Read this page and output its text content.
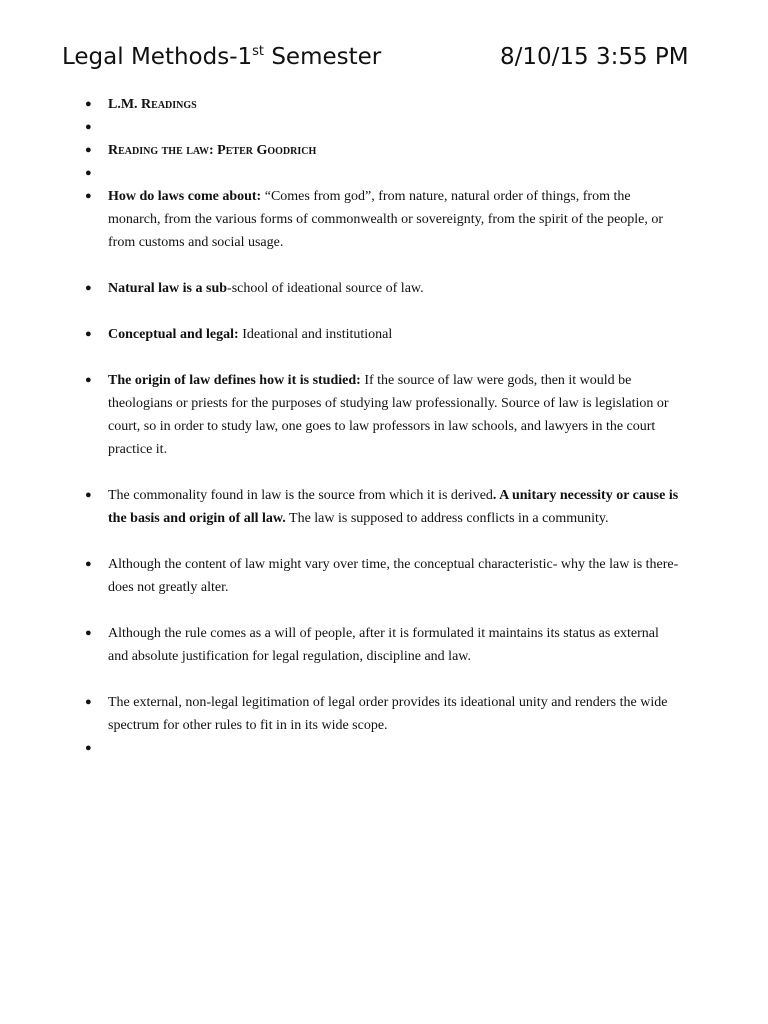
Legal Methods-1st Semester	8/10/15 3:55 PM
● L.M. Readings
●
● Reading the law: Peter Goodrich
●
● How do laws come about: “Comes from god”, from nature, natural order of things, from the monarch, from the various forms of commonwealth or sovereignty, from the spirit of the people, or from customs and social usage.
● Natural law is a sub-school of ideational source of law.
● Conceptual and legal: Ideational and institutional
● The origin of law defines how it is studied: If the source of law were gods, then it would be theologians or priests for the purposes of studying law professionally. Source of law is legislation or court, so in order to study law, one goes to law professors in law schools, and lawyers in the court practice it.
● The commonality found in law is the source from which it is derived. A unitary necessity or cause is the basis and origin of all law. The law is supposed to address conflicts in a community.
● Although the content of law might vary over time, the conceptual characteristic- why the law is there- does not greatly alter.
● Although the rule comes as a will of people, after it is formulated it maintains its status as external and absolute justification for legal regulation, discipline and law.
● The external, non-legal legitimation of legal order provides its ideational unity and renders the wide spectrum for other rules to fit in in its wide scope.
●
